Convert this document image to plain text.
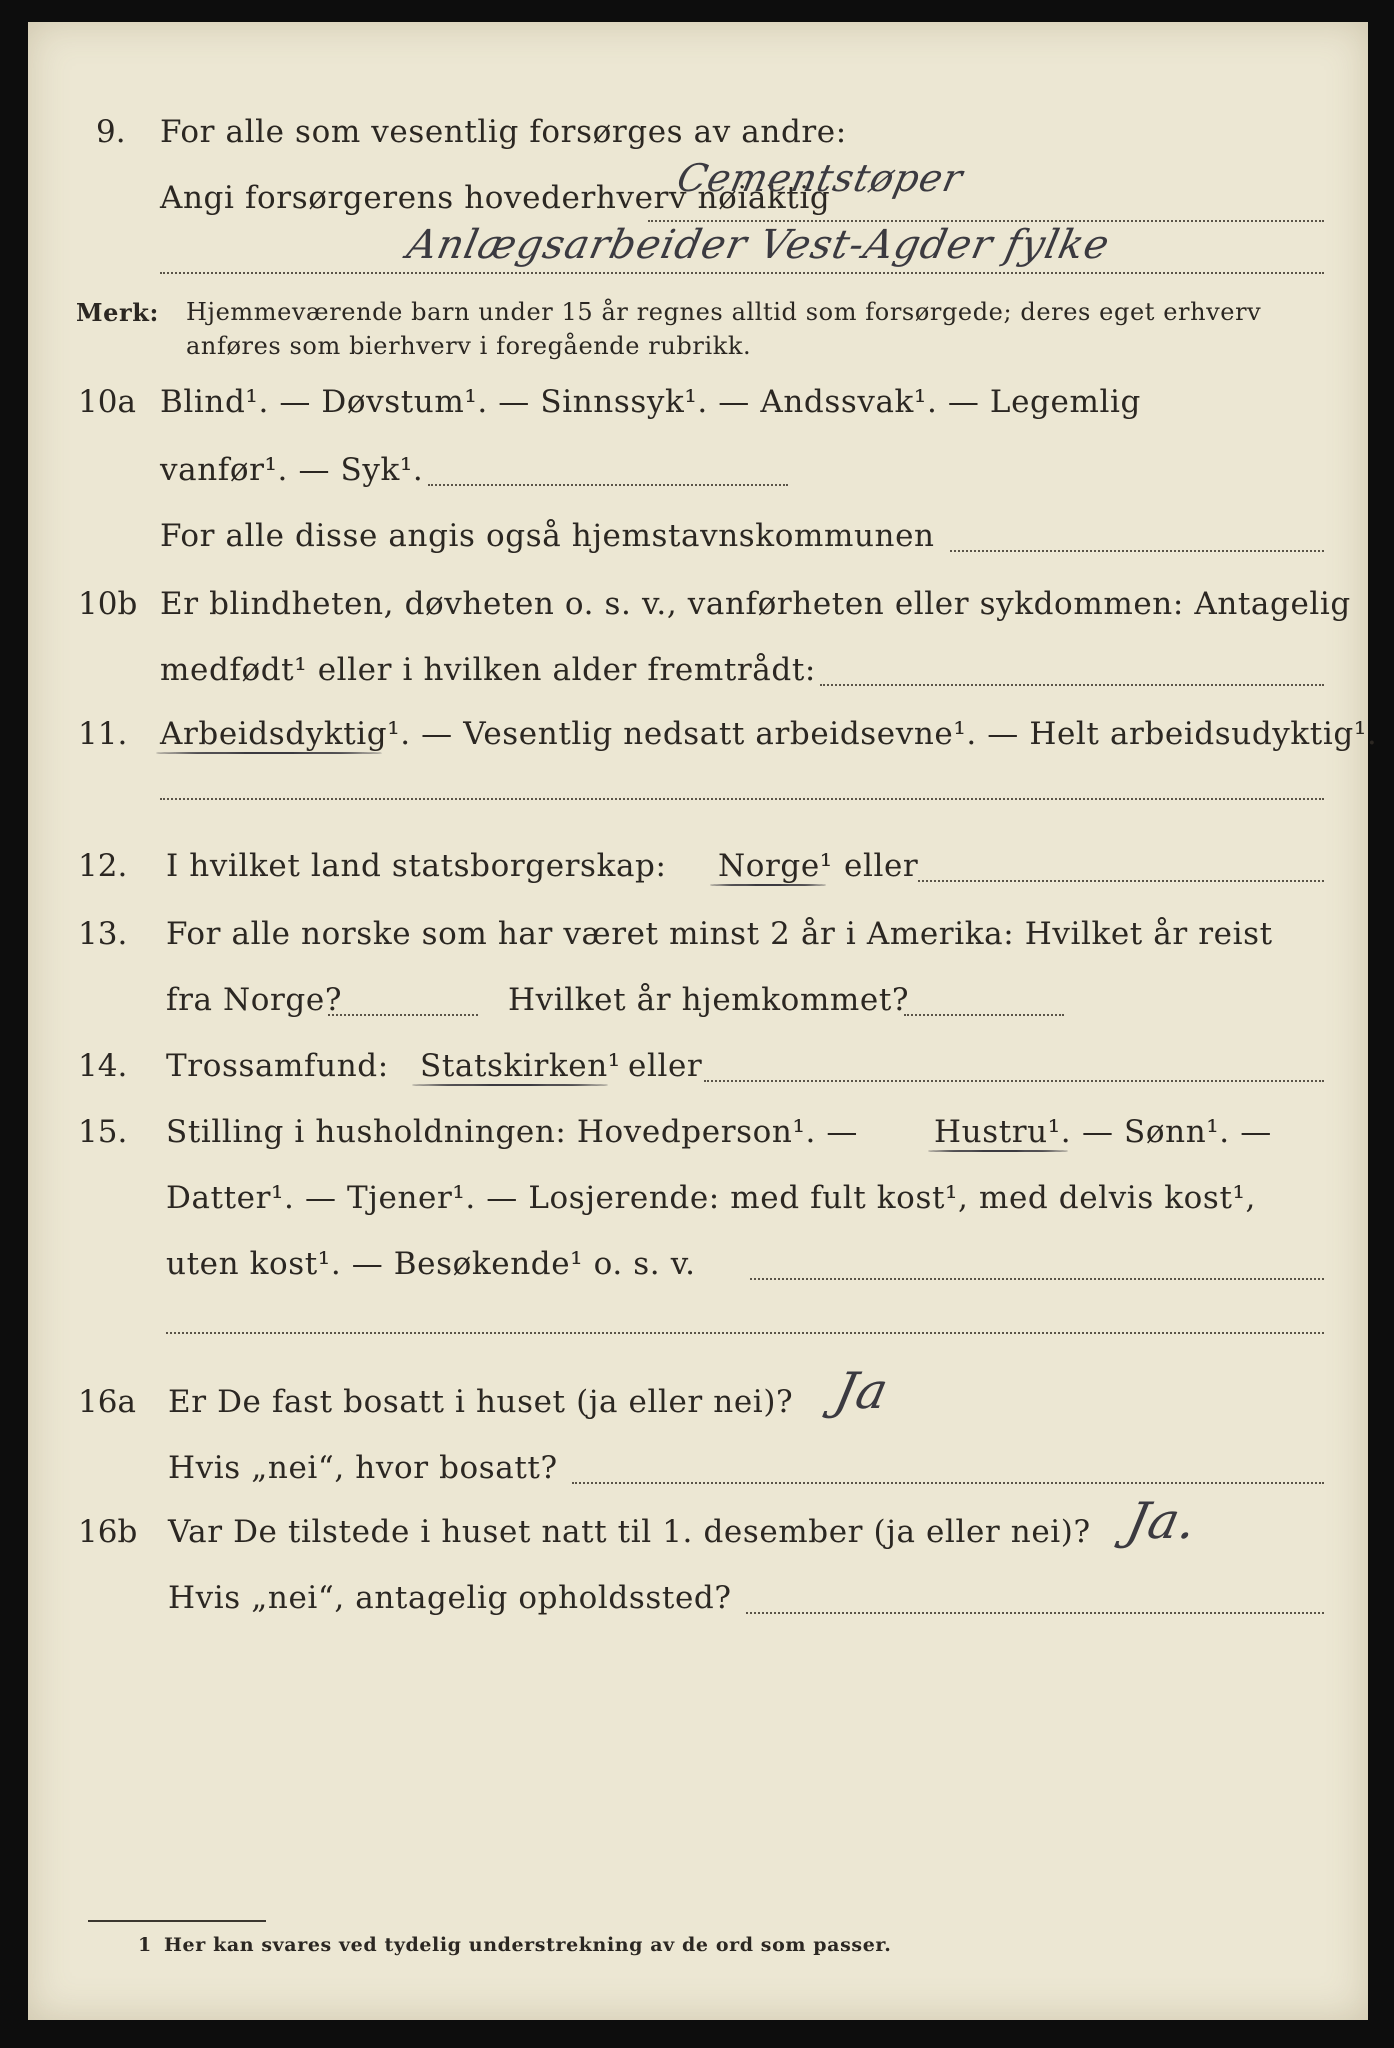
9. For alle som vesentlig forsørges av andre:
Angi forsørgerens hovederhverv nøiaktig
Cementstøper
Anlægsarbeider Vest-Agder fylke
Merk: Hjemmeværende barn under 15 år regnes alltid som forsørgede; deres eget erhverv
anføres som bierhverv i foregående rubrikk.
10a Blind¹. — Døvstum¹. — Sinnssyk¹. — Andssvak¹. — Legemlig
vanfør¹. — Syk¹.
For alle disse angis også hjemstavnskommunen
10b Er blindheten, døvheten o. s. v., vanførheten eller sykdommen: Antagelig
medfødt¹ eller i hvilken alder fremtrådt:
11. Arbeidsdyktig¹. — Vesentlig nedsatt arbeidsevne¹. — Helt arbeidsudyktig¹.
12. I hvilket land statsborgerskap: Norge¹ eller
13. For alle norske som har været minst 2 år i Amerika: Hvilket år reist
fra Norge?	Hvilket år hjemkommet?
14. Trossamfund: Statskirken¹ eller
15. Stilling i husholdningen: Hovedperson¹. — Hustru¹. — Sønn¹. —
Datter¹. — Tjener¹. — Losjerende: med fult kost¹, med delvis kost¹,
uten kost¹. — Besøkende¹ o. s. v.
16a Er De fast bosatt i huset (ja eller nei)? Ja
Hvis „nei“, hvor bosatt?
16b Var De tilstede i huset natt til 1. desember (ja eller nei)? Ja.
Hvis „nei“, antagelig opholdssted?
1 Her kan svares ved tydelig understrekning av de ord som passer.
